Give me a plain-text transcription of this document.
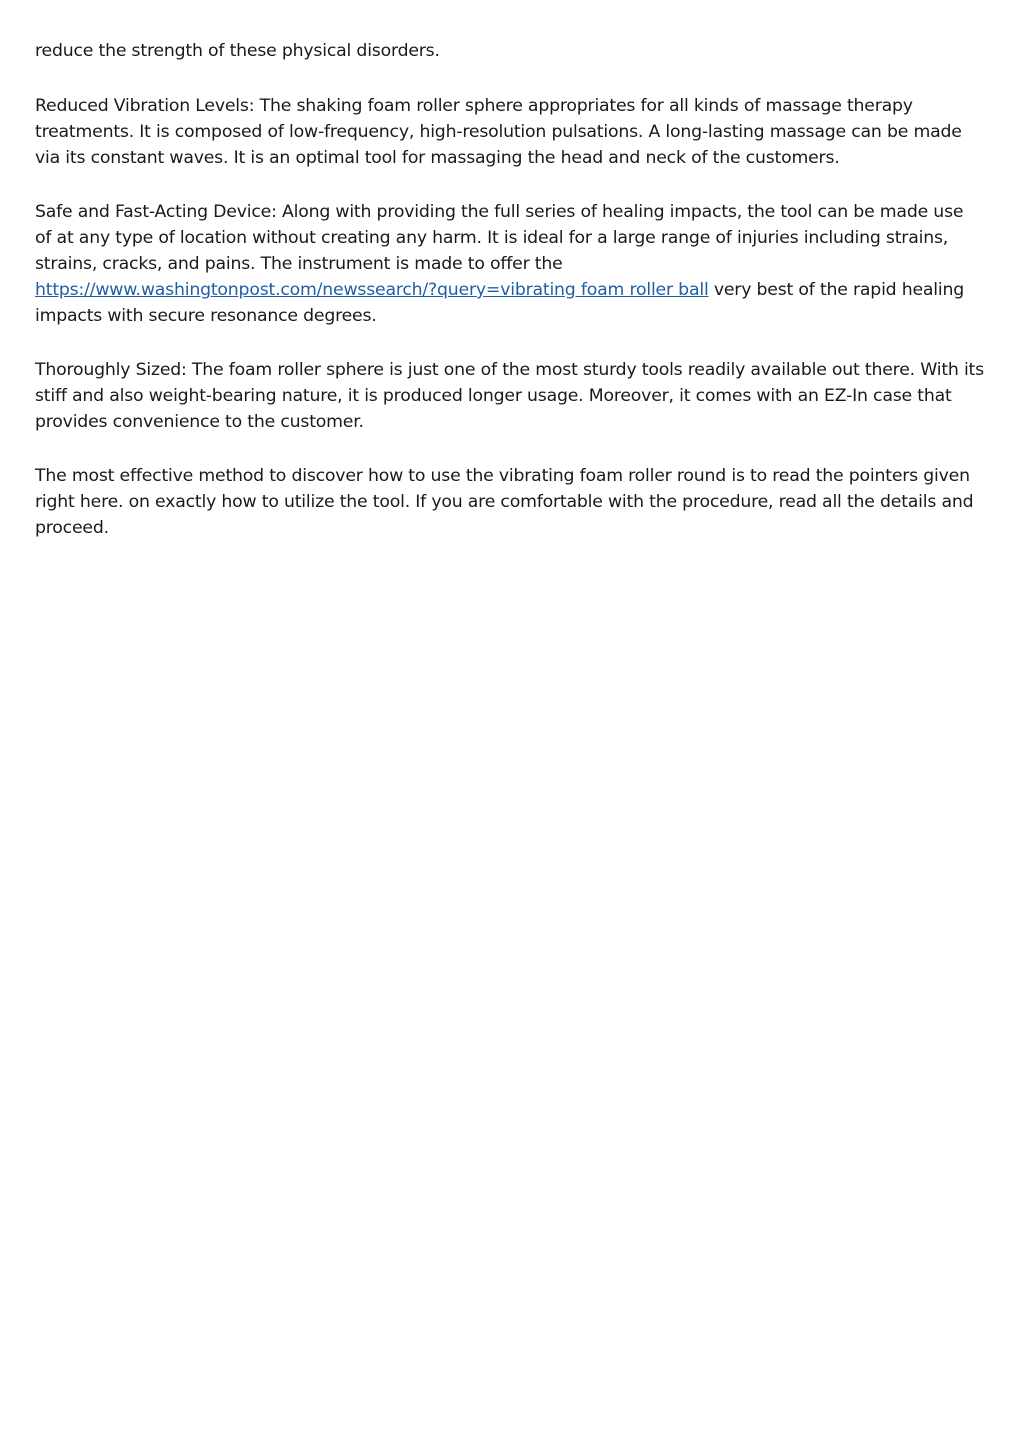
reduce the strength of these physical disorders.

Reduced Vibration Levels: The shaking foam roller sphere appropriates for all kinds of massage therapy treatments. It is composed of low-frequency, high-resolution pulsations. A long-lasting massage can be made via its constant waves. It is an optimal tool for massaging the head and neck of the customers.

Safe and Fast-Acting Device: Along with providing the full series of healing impacts, the tool can be made use of at any type of location without creating any harm. It is ideal for a large range of injuries including strains, strains, cracks, and pains. The instrument is made to offer the
https://www.washingtonpost.com/newssearch/?query=vibrating foam roller ball very best of the rapid healing impacts with secure resonance degrees.

Thoroughly Sized: The foam roller sphere is just one of the most sturdy tools readily available out there. With its stiff and also weight-bearing nature, it is produced longer usage. Moreover, it comes with an EZ-In case that provides convenience to the customer.

The most effective method to discover how to use the vibrating foam roller round is to read the pointers given right here. on exactly how to utilize the tool. If you are comfortable with the procedure, read all the details and proceed.
